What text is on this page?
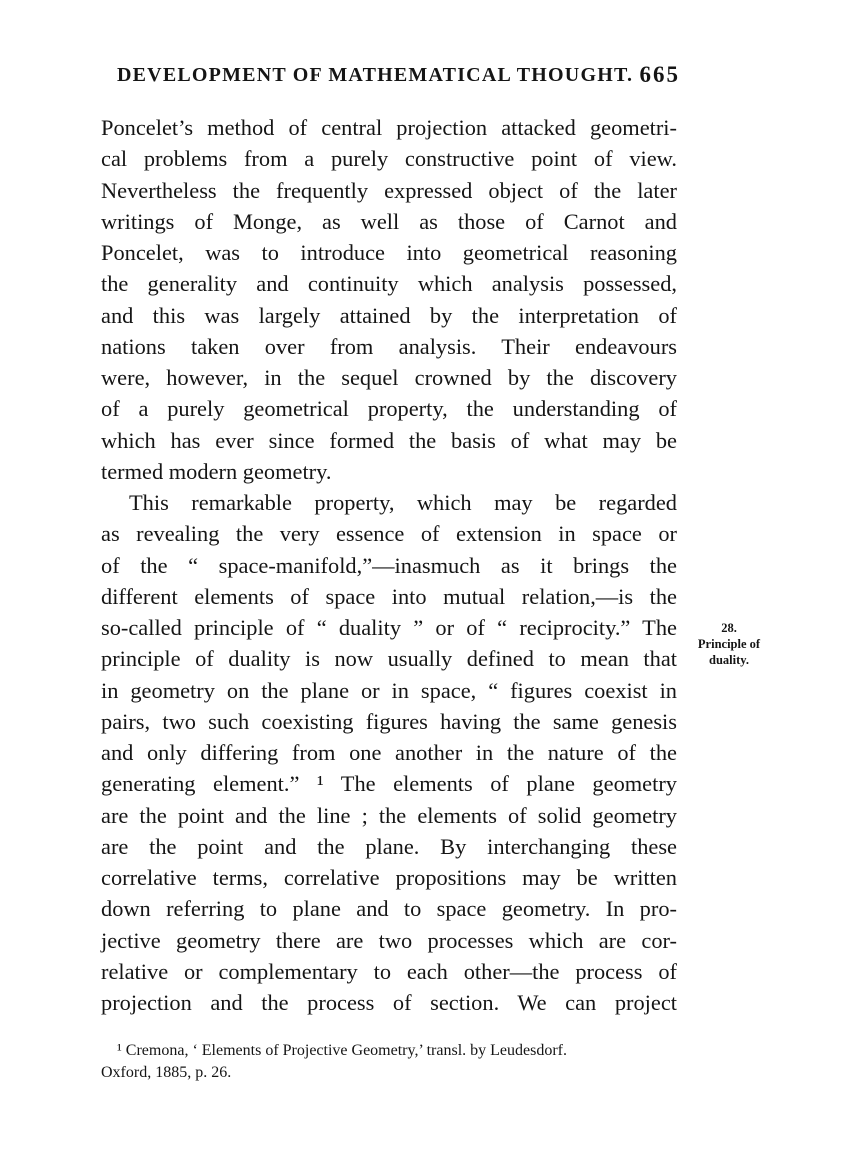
DEVELOPMENT OF MATHEMATICAL THOUGHT. 665
Poncelet’s method of central projection attacked geometri-
cal problems from a purely constructive point of view.
Nevertheless the frequently expressed object of the later
writings of Monge, as well as those of Carnot and
Poncelet, was to introduce into geometrical reasoning
the generality and continuity which analysis possessed,
and this was largely attained by the interpretation of
nations taken over from analysis. Their endeavours
were, however, in the sequel crowned by the discovery
of a purely geometrical property, the understanding of
which has ever since formed the basis of what may be
termed modern geometry.
This remarkable property, which may be regarded
as revealing the very essence of extension in space or
of the “ space-manifold,”—inasmuch as it brings the
different elements of space into mutual relation,—is the
so-called principle of “ duality ” or of “ reciprocity.” The
principle of duality is now usually defined to mean that
in geometry on the plane or in space, “ figures coexist in
pairs, two such coexisting figures having the same genesis
and only differing from one another in the nature of the
generating element.” ¹ The elements of plane geometry
are the point and the line ; the elements of solid geometry
are the point and the plane. By interchanging these
correlative terms, correlative propositions may be written
down referring to plane and to space geometry. In pro-
jective geometry there are two processes which are cor-
relative or complementary to each other—the process of
projection and the process of section. We can project
28.
Principle of
duality.
¹ Cremona, ‘ Elements of Projective Geometry,’ transl. by Leudesdorf.
Oxford, 1885, p. 26.
